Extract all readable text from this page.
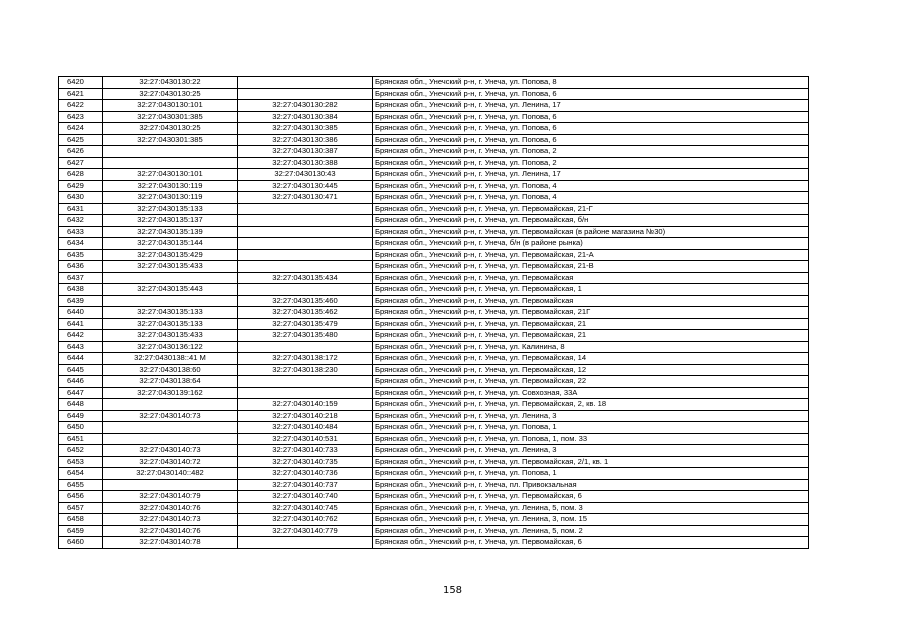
6420	32:27:0430130:22		Брянская обл., Унечский р-н, г. Унеча, ул. Попова, 8
6421	32:27:0430130:25		Брянская обл., Унечский р-н, г. Унеча, ул. Попова, 6
6422	32:27:0430130:101	32:27:0430130:282	Брянская обл., Унечский р-н, г. Унеча, ул. Ленина, 17
6423	32:27:0430301:385	32:27:0430130:384	Брянская обл., Унечский р-н, г. Унеча, ул. Попова, 6
6424	32:27:0430130:25	32:27:0430130:385	Брянская обл., Унечский р-н, г. Унеча, ул. Попова, 6
6425	32:27:0430301:385	32:27:0430130:386	Брянская обл., Унечский р-н, г. Унеча, ул. Попова, 6
6426		32:27:0430130:387	Брянская обл., Унечский р-н, г. Унеча, ул. Попова, 2
6427		32:27:0430130:388	Брянская обл., Унечский р-н, г. Унеча, ул. Попова, 2
6428	32:27:0430130:101	32:27:0430130:43	Брянская обл., Унечский р-н, г. Унеча, ул. Ленина, 17
6429	32:27:0430130:119	32:27:0430130:445	Брянская обл., Унечский р-н, г. Унеча, ул. Попова, 4
6430	32:27:0430130:119	32:27:0430130:471	Брянская обл., Унечский р-н, г. Унеча, ул. Попова, 4
6431	32:27:0430135:133		Брянская обл., Унечский р-н, г. Унеча, ул. Первомайская, 21-Г
6432	32:27:0430135:137		Брянская обл., Унечский р-н, г. Унеча, ул. Первомайская, б/н
6433	32:27:0430135:139		Брянская обл., Унечский р-н, г. Унеча, ул. Первомайская (в районе магазина №30)
6434	32:27:0430135:144		Брянская обл., Унечский р-н, г. Унеча, б/н (в районе рынка)
6435	32:27:0430135:429		Брянская обл., Унечский р-н, г. Унеча, ул. Первомайская, 21-А
6436	32:27:0430135:433		Брянская обл., Унечский р-н, г. Унеча, ул. Первомайская, 21-В
6437		32:27:0430135:434	Брянская обл., Унечский р-н, г. Унеча, ул. Первомайская
6438	32:27:0430135:443		Брянская обл., Унечский р-н, г. Унеча, ул. Первомайская, 1
6439		32:27:0430135:460	Брянская обл., Унечский р-н, г. Унеча, ул. Первомайская
6440	32:27:0430135:133	32:27:0430135:462	Брянская обл., Унечский р-н, г. Унеча, ул. Первомайская, 21Г
6441	32:27:0430135:133	32:27:0430135:479	Брянская обл., Унечский р-н, г. Унеча, ул. Первомайская, 21
6442	32:27:0430135:433	32:27:0430135:480	Брянская обл., Унечский р-н, г. Унеча, ул. Первомайская, 21
6443	32:27:0430136:122		Брянская обл., Унечский р-н, г. Унеча, ул. Калинина, 8
6444	32:27:0430138::41 М	32:27:0430138:172	Брянская обл., Унечский р-н, г. Унеча, ул. Первомайская, 14
6445	32:27:0430138:60	32:27:0430138:230	Брянская обл., Унечский р-н, г. Унеча, ул. Первомайская, 12
6446	32:27:0430138:64		Брянская обл., Унечский р-н, г. Унеча, ул. Первомайская, 22
6447	32:27:0430139:162		Брянская обл., Унечский р-н, г. Унеча, ул. Совхозная, 33А
6448		32:27:0430140:159	Брянская обл., Унечский р-н, г. Унеча, ул. Первомайская, 2, кв. 18
6449	32:27:0430140:73	32:27:0430140:218	Брянская обл., Унечский р-н, г. Унеча, ул. Ленина, 3
6450		32:27:0430140:484	Брянская обл., Унечский р-н, г. Унеча, ул. Попова, 1
6451		32:27:0430140:531	Брянская обл., Унечский р-н, г. Унеча, ул. Попова, 1, пом. 33
6452	32:27:0430140:73	32:27:0430140:733	Брянская обл., Унечский р-н, г. Унеча, ул. Ленина, 3
6453	32:27:0430140:72	32:27:0430140:735	Брянская обл., Унечский р-н, г. Унеча, ул. Первомайская, 2/1, кв. 1
6454	32:27:0430140::482	32:27:0430140:736	Брянская обл., Унечский р-н, г. Унеча, ул. Попова, 1
6455		32:27:0430140:737	Брянская обл., Унечский р-н, г. Унеча, пл. Привокзальная
6456	32:27:0430140:79	32:27:0430140:740	Брянская обл., Унечский р-н, г. Унеча, ул. Первомайская, 6
6457	32:27:0430140:76	32:27:0430140:745	Брянская обл., Унечский р-н, г. Унеча, ул. Ленина, 5, пом. 3
6458	32:27:0430140:73	32:27:0430140:762	Брянская обл., Унечский р-н, г. Унеча, ул. Ленина, 3, пом. 15
6459	32:27:0430140:76	32:27:0430140:779	Брянская обл., Унечский р-н, г. Унеча, ул. Ленина, 5, пом. 2
6460	32:27:0430140:78		Брянская обл., Унечский р-н, г. Унеча, ул. Первомайская, 6
158
